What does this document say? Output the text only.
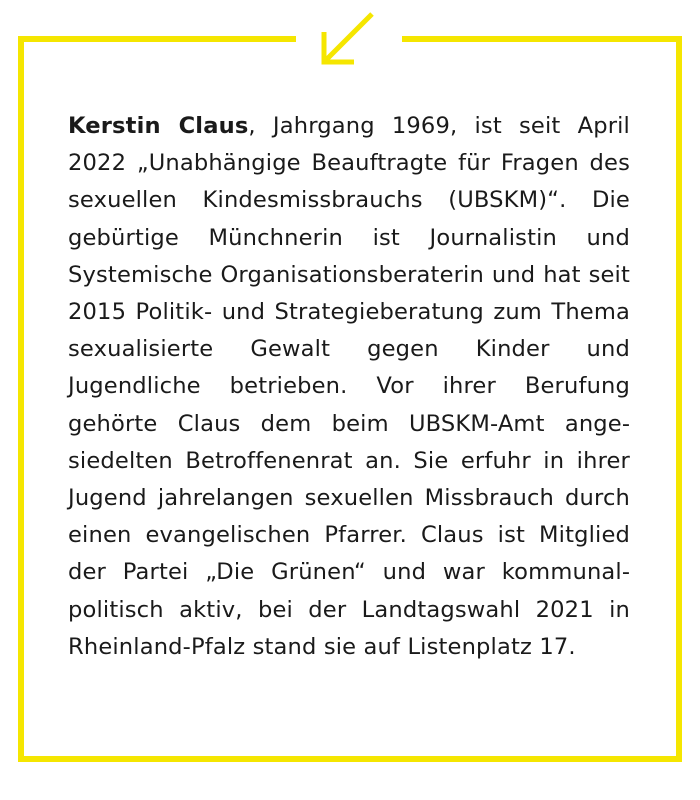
Kerstin Claus, Jahrgang 1969, ist seit April 2022 „Unabhängige Beauftragte für Fragen des sexuellen Kindesmissbrauchs (UBSKM)“. Die gebürtige Münchnerin ist Journalistin und Systemische Organisationsberaterin und hat seit 2015 Politik- und Strategieberatung zum Thema sexualisierte Gewalt gegen Kinder und Jugendliche betrieben. Vor ihrer Berufung gehörte Claus dem beim UBSKM-Amt angesiedelten Betroffenenrat an. Sie erfuhr in ihrer Jugend jahrelangen sexuellen Missbrauch durch einen evangelischen Pfarrer. Claus ist Mitglied der Partei „Die Grünen“ und war kommunalpolitisch aktiv, bei der Landtagswahl 2021 in Rheinland-Pfalz stand sie auf Listenplatz 17.
